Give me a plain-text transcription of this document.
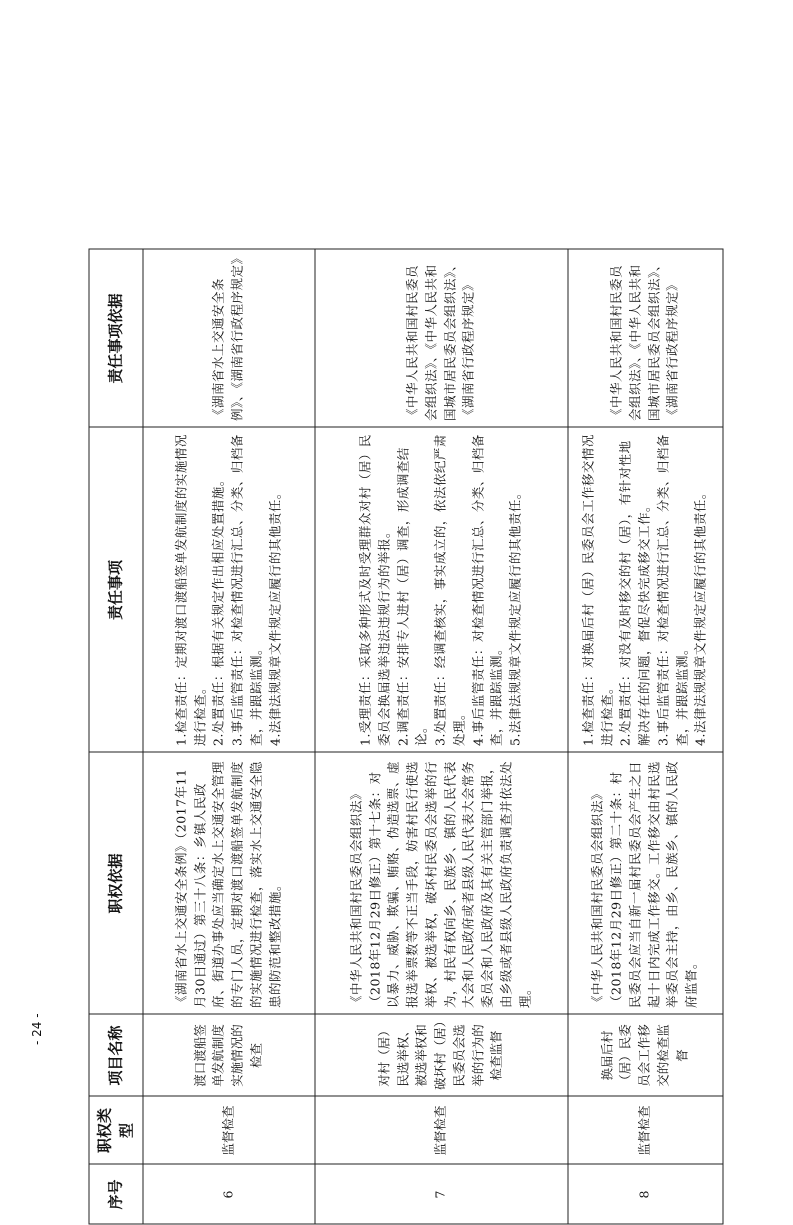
序号	职权类型	项目名称	职权依据	责任事项	责任事项依据
6	监督检查	渡口渡船签单发航制度实施情况的检查	《湖南省水上交通安全条例》（2017年11月30日通过）第三十八条：乡镇人民政府、街道办事处应当确定水上交通安全管理的专门人员，定期对渡口渡船签单发航制度的实施情况进行检查，落实水上交通安全隐患的防范和整改措施。	1.检查责任：定期对渡口渡船签单发航制度的实施情况进行检查。 2.处置责任：根据有关规定作出相应处置措施。 3.事后监管责任：对检查情况进行汇总、分类、归档备查，并跟踪监测。 4.法律法规规章文件规定应履行的其他责任。	《湖南省水上交通安全条例》、《湖南省行政程序规定》
7	监督检查	对村（居）民选举权、被选举权和破坏村（居）民委员会选举的行为的检查监督	《中华人民共和国村民委员会组织法》（2018年12月29日修正）第十七条：对以暴力、威胁、欺骗、贿赂、伪造选票、虚报选举票数等不正当手段，妨害村民行使选举权、被选举权，破坏村民委员会选举的行为，村民有权向乡、民族乡、镇的人民代表大会和人民政府或者县级人民代表大会常务委员会和人民政府及其有关主管部门举报，由乡级或者县级人民政府负责调查并依法处理。	1.受理责任：采取多种形式及时受理群众对村（居）民委员会换届选举违法违规行为的举报。 2.调查责任：安排专人进村（居）调查，形成调查结论。 3.处置责任：经调查核实，事实成立的，依法依纪严肃处理。 4.事后监管责任：对检查情况进行汇总、分类、归档备查，并跟踪监测。 5.法律法规规章文件规定应履行的其他责任。	《中华人民共和国村民委员会组织法》、《中华人民共和国城市居民委员会组织法》、《湖南省行政程序规定》
8	监督检查	换届后村（居）民委员会工作移交的检查监督	《中华人民共和国村民委员会组织法》（2018年12月29日修正）第二十条：村民委员会应当自新一届村民委员会产生之日起十日内完成工作移交。工作移交由村民选举委员会主持，由乡、民族乡、镇的人民政府监督。	1.检查责任：对换届后村（居）民委员会工作移交情况进行检查。 2.处置责任：对没有及时移交的村（居），有针对性地解决存在的问题，督促尽快完成移交工作。 3.事后监管责任：对检查情况进行汇总、分类、归档备查，并跟踪监测。 4.法律法规规章文件规定应履行的其他责任。	《中华人民共和国村民委员会组织法》、《中华人民共和国城市居民委员会组织法》、《湖南省行政程序规定》
- 24 -
